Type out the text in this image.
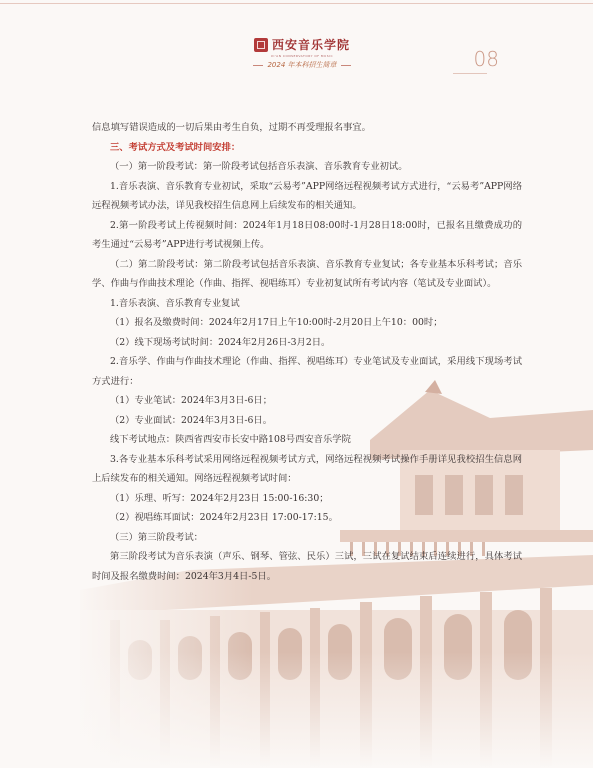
西安音乐学院
XI'AN CONSERVATORY OF MUSIC
2024 年本科招生简章	08

信息填写错误造成的一切后果由考生自负，过期不再受理报名事宜。

三、考试方式及考试时间安排：

（一）第一阶段考试：第一阶段考试包括音乐表演、音乐教育专业初试。

1.音乐表演、音乐教育专业初试，采取“云易考”APP网络远程视频考试方式进行，“云易考”APP网络远程视频考试办法，详见我校招生信息网上后续发布的相关通知。

2.第一阶段考试上传视频时间：2024年1月18日08:00时-1月28日18:00时，已报名且缴费成功的考生通过“云易考”APP进行考试视频上传。

（二）第二阶段考试：第二阶段考试包括音乐表演、音乐教育专业复试；各专业基本乐科考试；音乐学、作曲与作曲技术理论（作曲、指挥、视唱练耳）专业初复试所有考试内容（笔试及专业面试）。

1.音乐表演、音乐教育专业复试

（1）报名及缴费时间：2024年2月17日上午10:00时-2月20日上午10：00时；

（2）线下现场考试时间：2024年2月26日-3月2日。

2.音乐学、作曲与作曲技术理论（作曲、指挥、视唱练耳）专业笔试及专业面试，采用线下现场考试方式进行：

（1）专业笔试：2024年3月3日-6日；

（2）专业面试：2024年3月3日-6日。

线下考试地点：陕西省西安市长安中路108号西安音乐学院

3.各专业基本乐科考试采用网络远程视频考试方式，网络远程视频考试操作手册详见我校招生信息网上后续发布的相关通知。网络远程视频考试时间：

（1）乐理、听写：2024年2月23日 15:00-16:30；

（2）视唱练耳面试：2024年2月23日 17:00-17:15。

（三）第三阶段考试：

第三阶段考试为音乐表演（声乐、钢琴、管弦、民乐）三试，三试在复试结束后连续进行，具体考试时间及报名缴费时间：2024年3月4日-5日。
